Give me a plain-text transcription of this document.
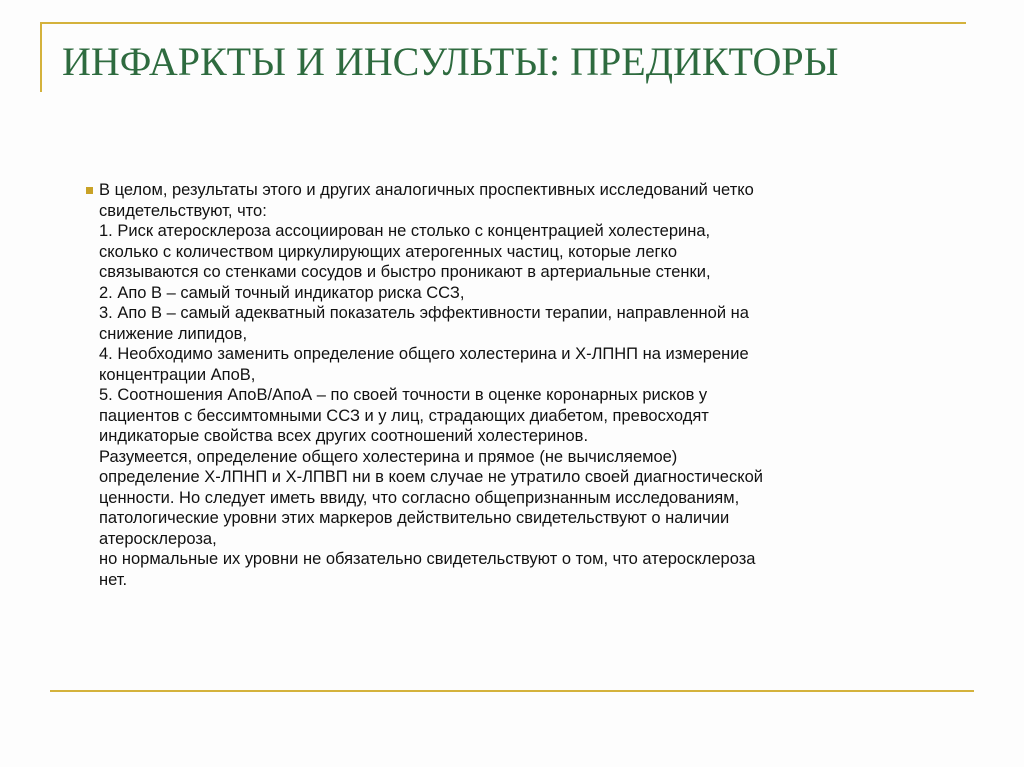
ИНФАРКТЫ И ИНСУЛЬТЫ: ПРЕДИКТОРЫ
В целом, результаты этого и других аналогичных проспективных исследований четко
свидетельствуют, что:
1. Риск атеросклероза ассоциирован не столько с концентрацией холестерина,
сколько с количеством циркулирующих атерогенных частиц, которые легко
связываются со стенками сосудов и быстро проникают в артериальные стенки,
2. Апо В – самый точный индикатор риска ССЗ,
3. Апо В – самый адекватный показатель эффективности терапии, направленной на
снижение липидов,
4. Необходимо заменить определение общего холестерина и Х-ЛПНП на измерение
концентрации АпоВ,
5. Соотношения АпоВ/АпоА – по своей точности в оценке коронарных рисков у
пациентов с бессимтомными ССЗ и у лиц, страдающих диабетом, превосходят
индикаторые свойства всех других соотношений холестеринов.
Разумеется, определение общего холестерина и прямое (не вычисляемое)
определение Х-ЛПНП и Х-ЛПВП ни в коем случае не утратило своей диагностической
ценности. Но следует иметь ввиду, что согласно общепризнанным исследованиям,
патологические уровни этих маркеров действительно свидетельствуют о наличии
атеросклероза,
но нормальные их уровни не обязательно свидетельствуют о том, что атеросклероза
нет.
